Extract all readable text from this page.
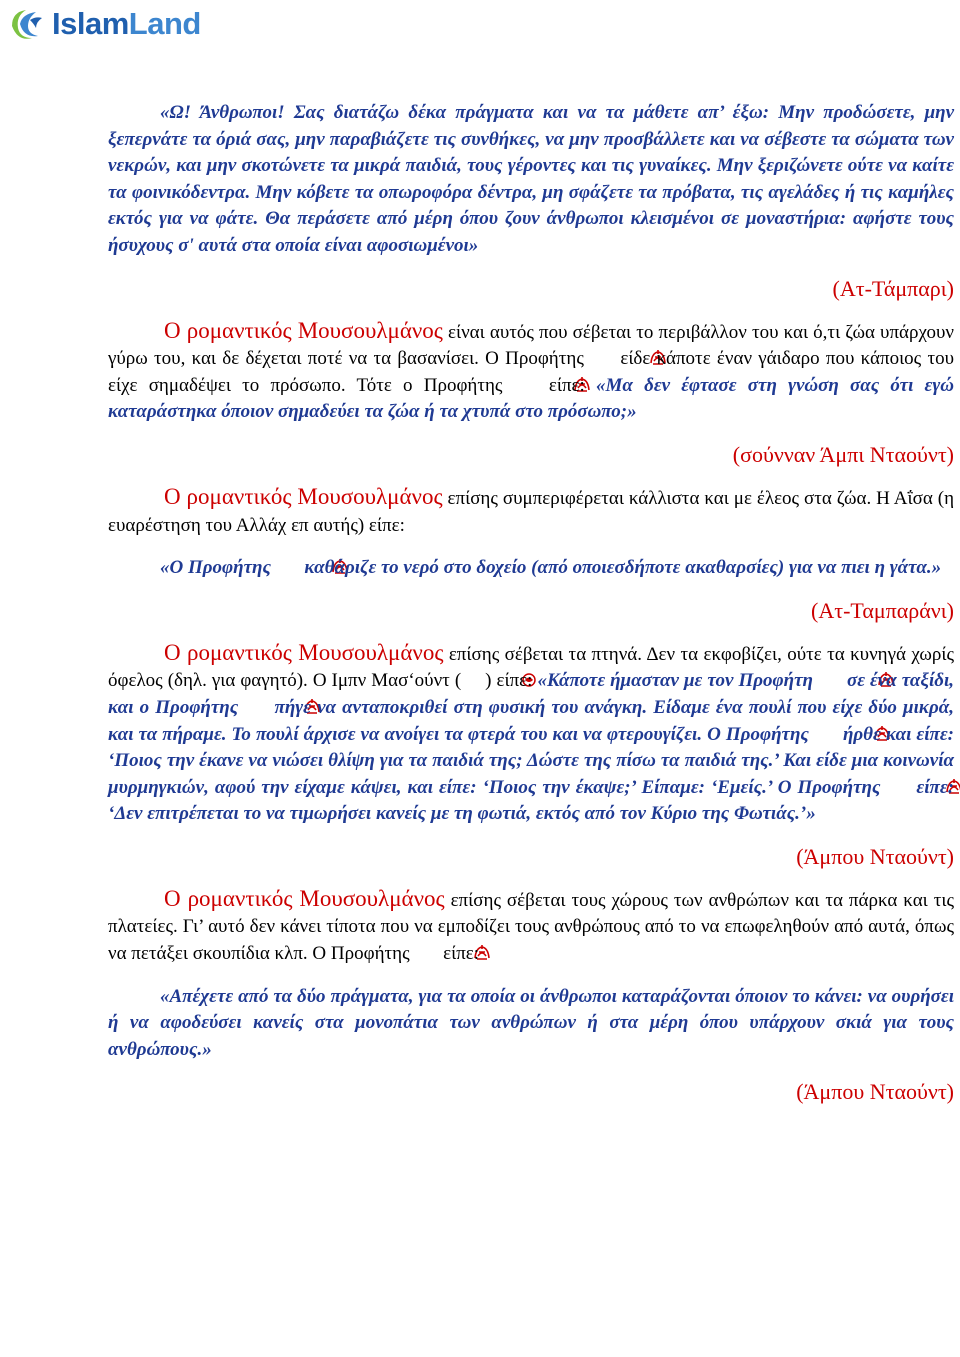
IslamLand

«Ω! Άνθρωποι! Σας διατάζω δέκα πράγματα και να τα μάθετε απ’ έξω: Μην προδώσετε, μην ξεπερνάτε τα όριά σας, μην παραβιάζετε τις συνθήκες, να μην προσβάλλετε και να σέβεστε τα σώματα των νεκρών, και μην σκοτώνετε τα μικρά παιδιά, τους γέροντες και τις γυναίκες. Μην ξεριζώνετε ούτε να καίτε τα φοινικόδεντρα. Μην κόβετε τα οπωροφόρα δέντρα, μη σφάζετε τα πρόβατα, τις αγελάδες ή τις καμήλες εκτός για να φάτε. Θα περάσετε από μέρη όπου ζουν άνθρωποι κλεισμένοι σε μοναστήρια: αφήστε τους ήσυχους σ' αυτά στα οποία είναι αφοσιωμένοι»

(Ατ-Τάμπαρι)

Ο ρομαντικός Μουσουλμάνος είναι αυτός που σέβεται το περιβάλλον του και ό,τι ζώα υπάρχουν γύρω του, και δε δέχεται ποτέ να τα βασανίσει. Ο Προφήτης  είδε κάποτε έναν γάιδαρο που κάποιος του είχε σημαδέψει το πρόσωπο. Τότε ο Προφήτης  είπε: «Μα δεν έφτασε στη γνώση σας ότι εγώ καταράστηκα όποιον σημαδεύει τα ζώα ή τα χτυπά στο πρόσωπο;»

(σούνναν Άμπι Νταούντ)

Ο ρομαντικός Μουσουλμάνος επίσης συμπεριφέρεται κάλλιστα και με έλεος στα ζώα. Η Αΐσα (η ευαρέστηση του Αλλάχ επ αυτής) είπε:

«Ο Προφήτης  καθάριζε το νερό στο δοχείο (από οποιεσδήποτε ακαθαρσίες) για να πιει η γάτα.»

(Ατ-Ταμπαράνι)

Ο ρομαντικός Μουσουλμάνος επίσης σέβεται τα πτηνά. Δεν τα εκφοβίζει, ούτε τα κυνηγά χωρίς όφελος (δηλ. για φαγητό). Ο Ιμπν Μασ‘ούντ ( ) είπε: «Κάποτε ήμασταν με τον Προφήτη  σε ένα ταξίδι, και ο Προφήτης  πήγε να ανταποκριθεί στη φυσική του ανάγκη. Είδαμε ένα πουλί που είχε δύο μικρά, και τα πήραμε. Το πουλί άρχισε να ανοίγει τα φτερά του και να φτερουγίζει. Ο Προφήτης  ήρθε και είπε: ‘Ποιος την έκανε να νιώσει θλίψη για τα παιδιά της; Δώστε της πίσω τα παιδιά της.’ Και είδε μια κοινωνία μυρμηγκιών, αφού την είχαμε κάψει, και είπε: ‘Ποιος την έκαψε;’ Είπαμε: ‘Εμείς.’ Ο Προφήτης  είπε: ‘Δεν επιτρέπεται το να τιμωρήσει κανείς με τη φωτιά, εκτός από τον Κύριο της Φωτιάς.’»

(Άμπου Νταούντ)

Ο ρομαντικός Μουσουλμάνος επίσης σέβεται τους χώρους των ανθρώπων και τα πάρκα και τις πλατείες. Γι’ αυτό δεν κάνει τίποτα που να εμποδίζει τους ανθρώπους από το να επωφεληθούν από αυτά, όπως να πετάξει σκουπίδια κλπ. Ο Προφήτης  είπε:

«Απέχετε από τα δύο πράγματα, για τα οποία οι άνθρωποι καταράζονται όποιον το κάνει: να ουρήσει ή να αφοδεύσει κανείς στα μονοπάτια των ανθρώπων ή στα μέρη όπου υπάρχουν σκιά για τους ανθρώπους.»

(Άμπου Νταούντ)
